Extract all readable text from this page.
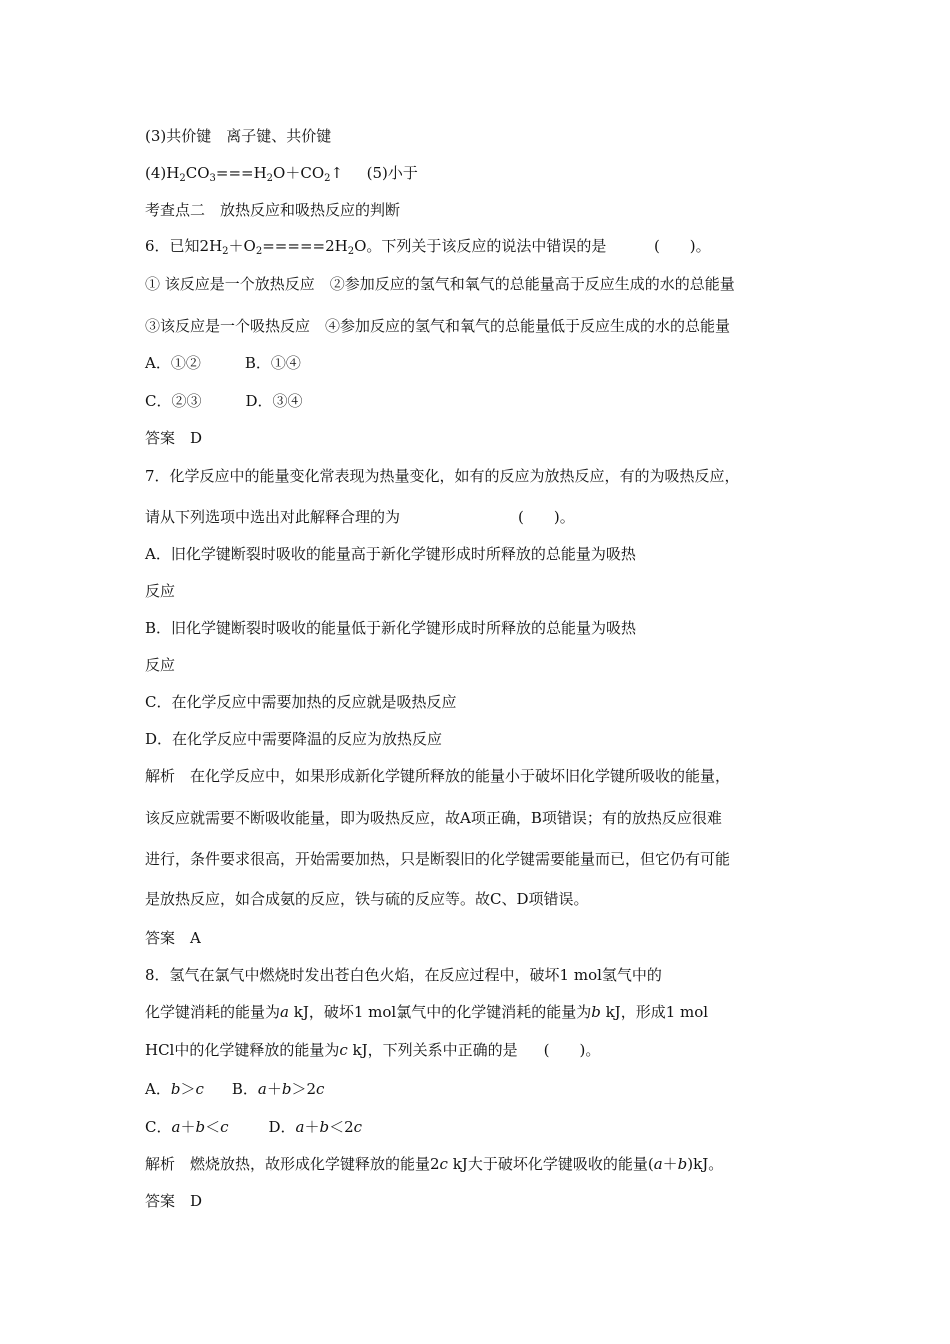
(3)共价键　离子键、共价键
$(4)H_2CO_3===H_2O+CO_2↑$ (5)小于
考查点二　放热反应和吸热反应的判断
6．已知$2H_2+O_2=====2H_2O$。下列关于该反应的说法中错误的是	(　　)。
① 该反应是一个放热反应　②参加反应的氢气和氧气的总能量高于反应生成的水的总能量
③该反应是一个吸热反应　④参加反应的氢气和氧气的总能量低于反应生成的水的总能量
A．①②	B．①④
C．②③	D．③④
答案　D
7．化学反应中的能量变化常表现为热量变化，如有的反应为放热反应，有的为吸热反应，
请从下列选项中选出对此解释合理的为	(　　)。
A．旧化学键断裂时吸收的能量高于新化学键形成时所释放的总能量为吸热
反应
B．旧化学键断裂时吸收的能量低于新化学键形成时所释放的总能量为吸热
反应
C．在化学反应中需要加热的反应就是吸热反应
D．在化学反应中需要降温的反应为放热反应
解析　在化学反应中，如果形成新化学键所释放的能量小于破坏旧化学键所吸收的能量，
该反应就需要不断吸收能量，即为吸热反应，故A项正确，B项错误；有的放热反应很难
进行，条件要求很高，开始需要加热，只是断裂旧的化学键需要能量而已，但它仍有可能
是放热反应，如合成氨的反应，铁与硫的反应等。故C、D项错误。
答案　A
8．氢气在氯气中燃烧时发出苍白色火焰，在反应过程中，破坏1 mol氢气中的
化学键消耗的能量为a kJ，破坏1 mol氯气中的化学键消耗的能量为b kJ，形成1 mol
HCl中的化学键释放的能量为c kJ，下列关系中正确的是 (　　)。
A．b＞c B．a＋b＞2c
C．a＋b＜c	D．a＋b＜2c
解析　燃烧放热，故形成化学键释放的能量2c kJ大于破坏化学键吸收的能量(a＋b)kJ。
答案　D
